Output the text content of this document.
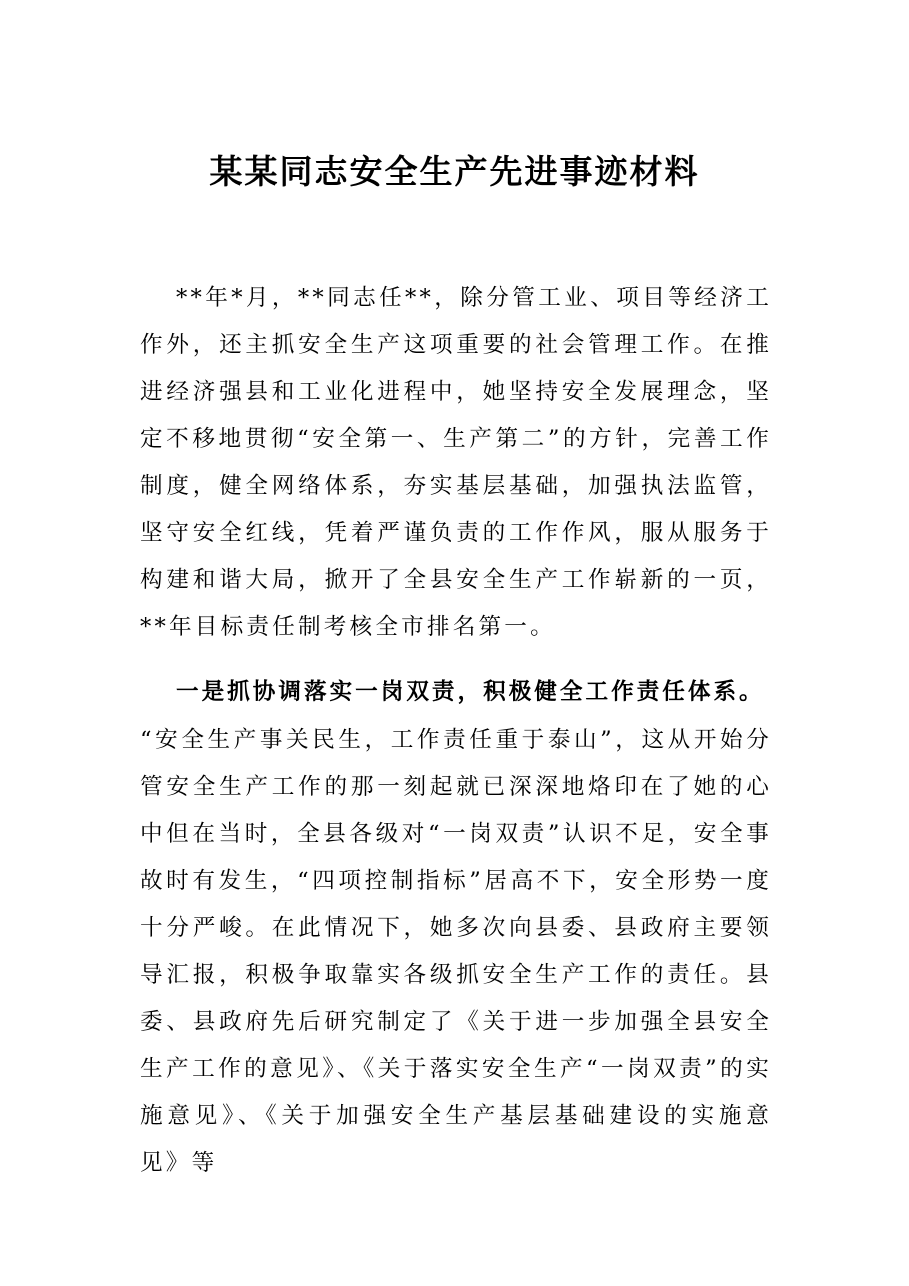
某某同志安全生产先进事迹材料
**年*月，**同志任**，除分管工业、项目等经济工作外，还主抓安全生产这项重要的社会管理工作。在推进经济强县和工业化进程中，她坚持安全发展理念，坚定不移地贯彻“安全第一、生产第二”的方针，完善工作制度，健全网络体系，夯实基层基础，加强执法监管，坚守安全红线，凭着严谨负责的工作作风，服从服务于构建和谐大局，掀开了全县安全生产工作崭新的一页，**年目标责任制考核全市排名第一。
一是抓协调落实一岗双责，积极健全工作责任体系。
“安全生产事关民生，工作责任重于泰山”，这从开始分管安全生产工作的那一刻起就已深深地烙印在了她的心中但在当时，全县各级对“一岗双责”认识不足，安全事故时有发生，“四项控制指标”居高不下，安全形势一度十分严峻。在此情况下，她多次向县委、县政府主要领导汇报，积极争取靠实各级抓安全生产工作的责任。县委、县政府先后研究制定了《关于进一步加强全县安全生产工作的意见》、《关于落实安全生产“一岗双责”的实施意见》、《关于加强安全生产基层基础建设的实施意见》等
